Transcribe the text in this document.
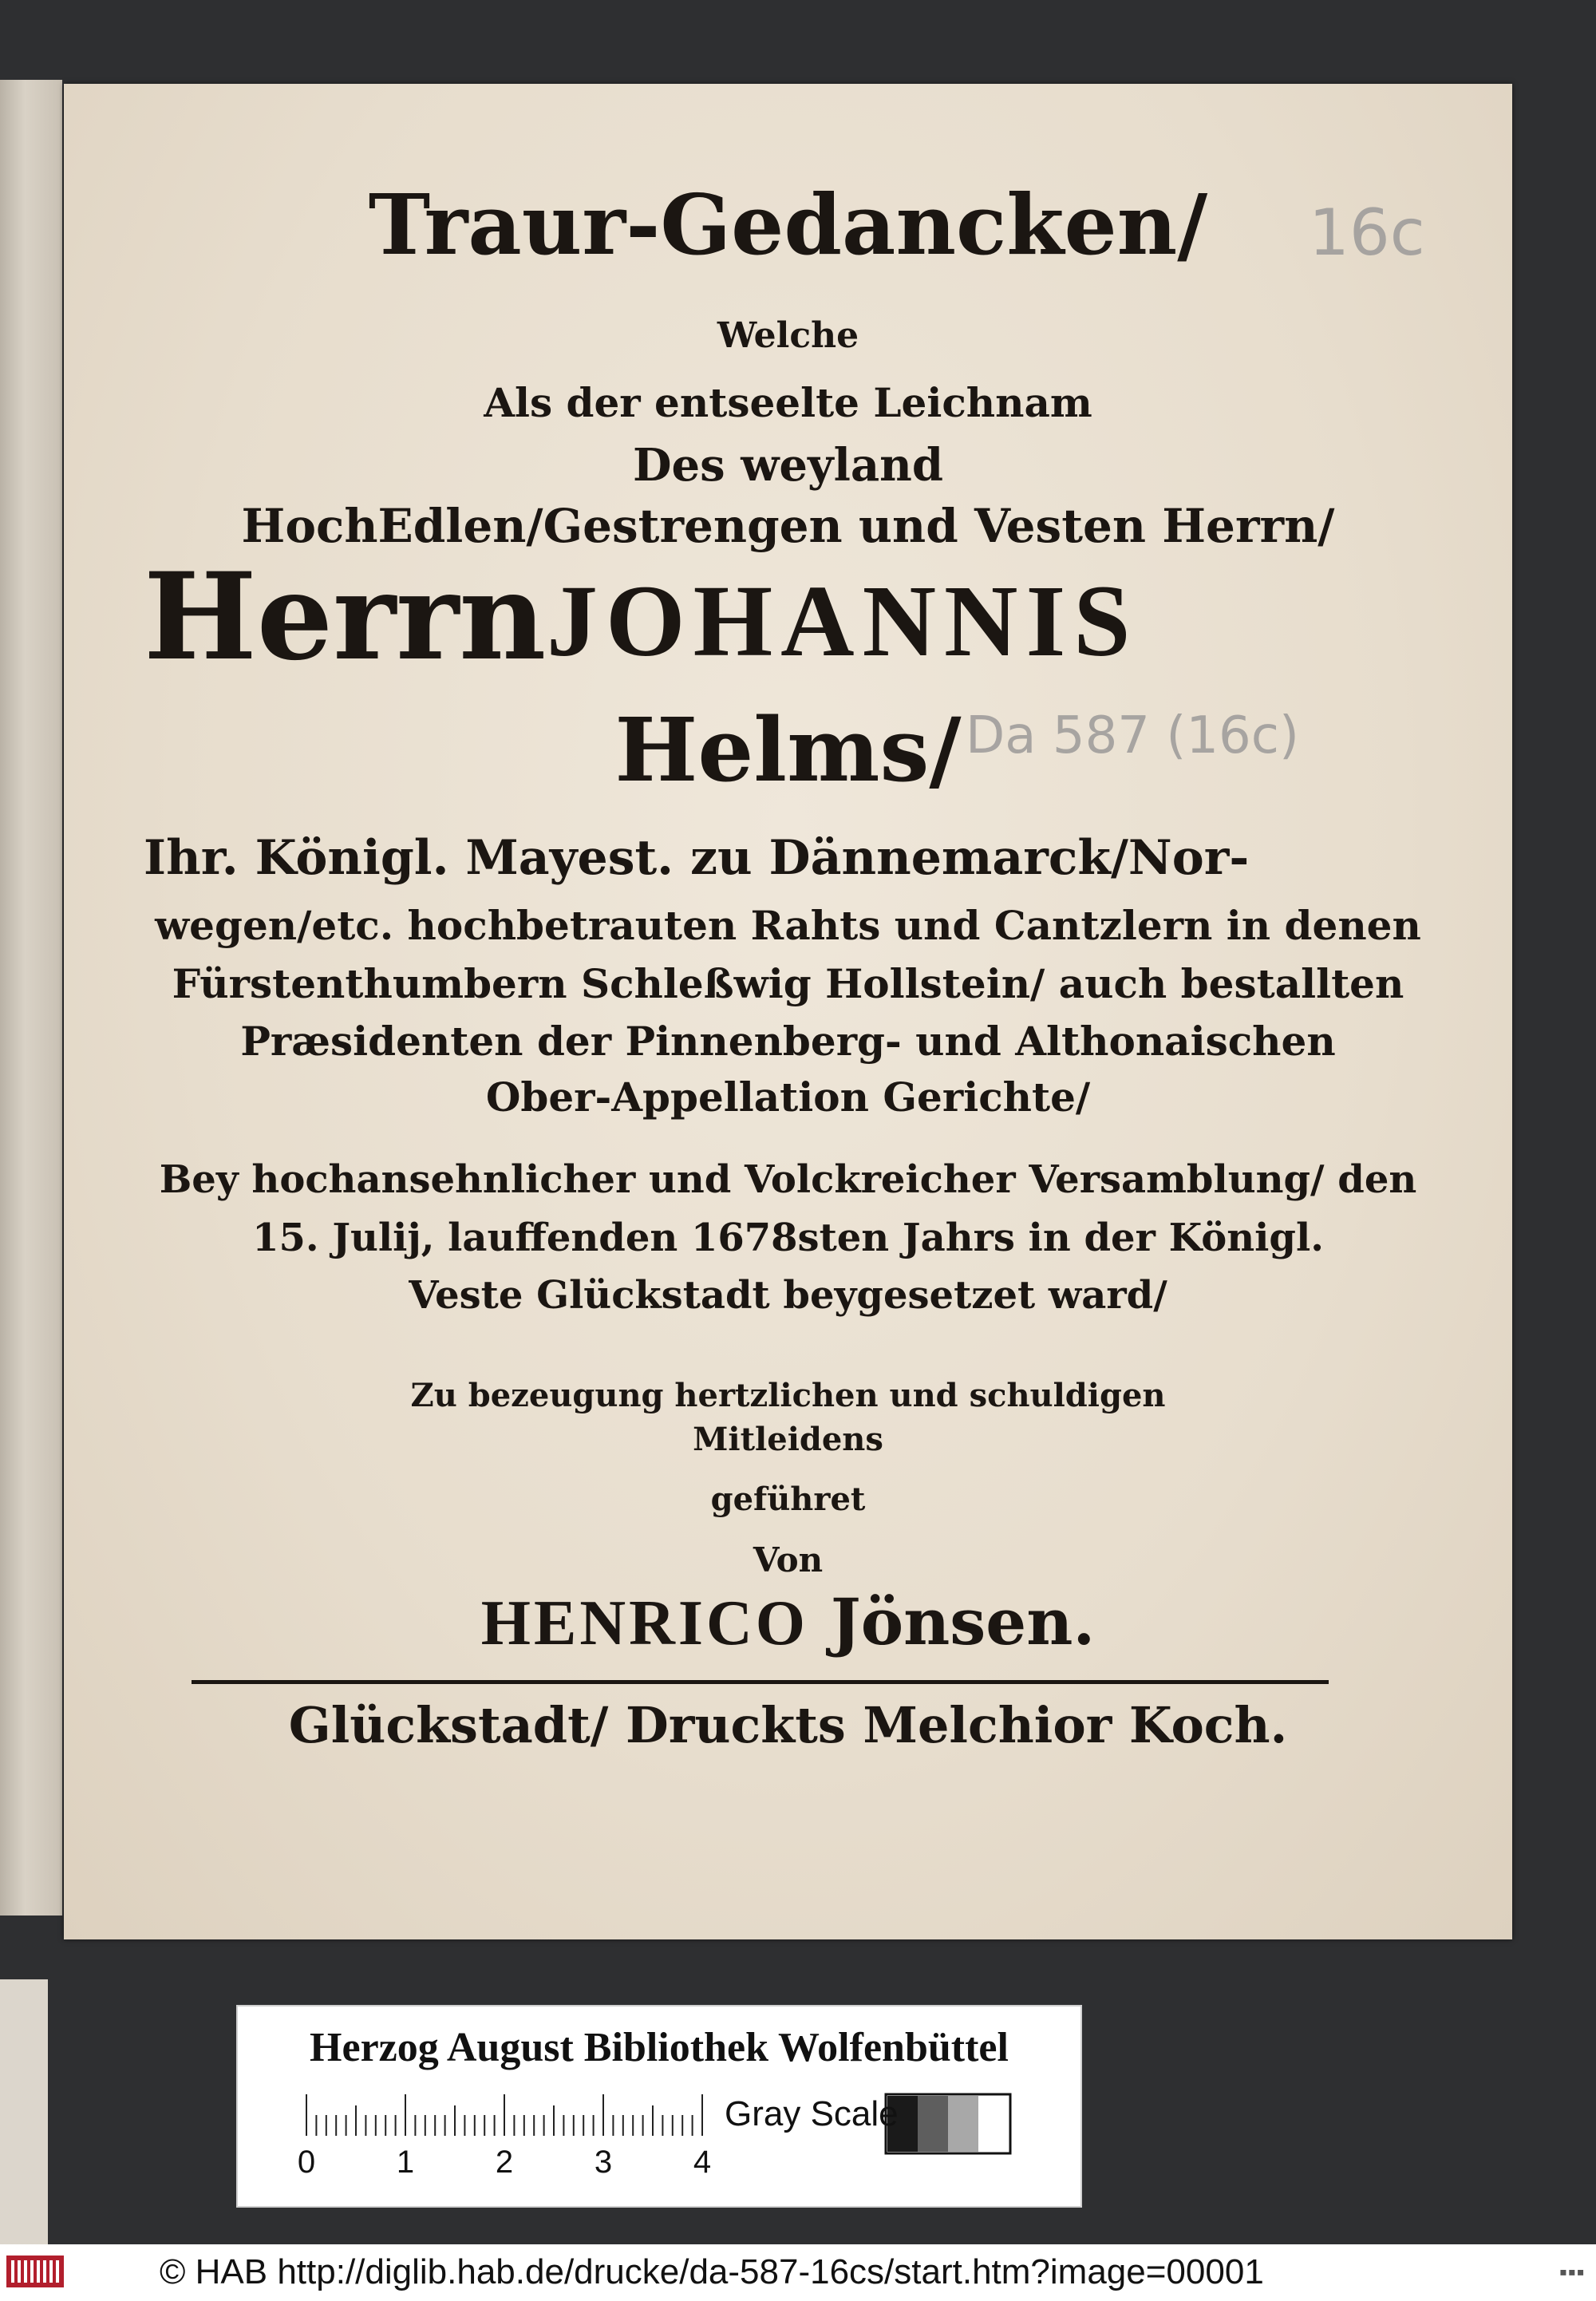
Traur-Gedancken/
Welche
Als der entseelte Leichnam
Des weyland
HochEdlen/Gestrengen und Vesten Herrn/
Herrn JOHANNIS
Helms/
Ihr. Königl. Mayest. zu Dännemarck/Nor-
wegen/etc. hochbetrauten Rahts und Cantzlern in denen
Fürstenthumbern Schleßwig Hollstein/ auch bestallten
Præsidenten der Pinnenberg- und Althonaischen
Ober-Appellation Gerichte/
Bey hochansehnlicher und Volckreicher Versamblung/ den
15. Julij, lauffenden 1678sten Jahrs in der Königl.
Veste Glückstadt beygesetzet ward/
Zu bezeugung hertzlichen und schuldigen
Mitleidens
geführet
Von
HENRICO Jönsen.
Glückstadt/ Druckts Melchior Koch.
16c
Da 587 (16c)
Herzog August Bibliothek Wolfenbüttel
0	1	2	3	4
Gray Scale
© HAB http://diglib.hab.de/drucke/da-587-16cs/start.htm?image=00001	▪▪▪
